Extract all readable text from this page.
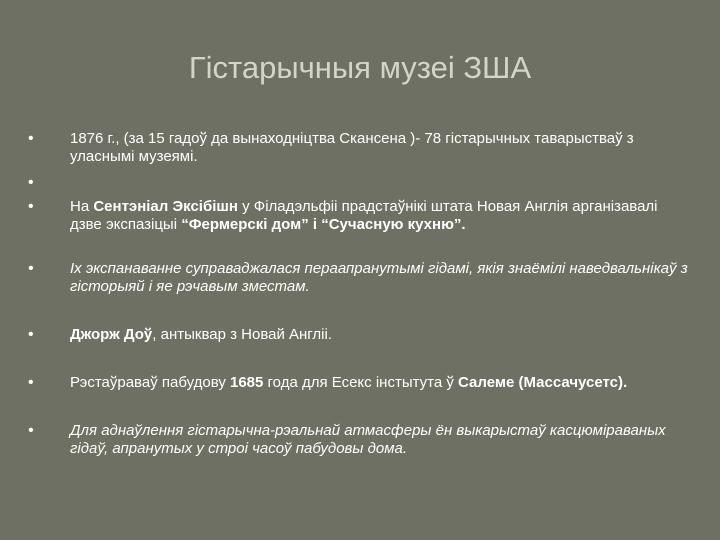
Гістарычныя музеі ЗША
• 1876 г., (за 15 гадоў да вынаходніцтва Скансена )- 78 гістарычных таварыстваў з уласнымі музеямі.
•
• На Сентэніал Эксібішн у Філадэльфіі прадстаўнікі штата Новая Англія арганізавалі дзве экспазіцыі “Фермерскі дом” і “Сучасную кухню”.
• Іх экспанаванне суправаджалася пераапранутымі гідамі, якія знаёмілі наведвальнікаў з гісторыяй і яе рэчавым зместам.
• Джорж Доў, антыквар з Новай Англіі.
• Рэстаўраваў пабудову 1685 года для Есекс інстытута ў Салеме (Массачусетс).
• Для аднаўлення гістарычна-рэальнай атмасферы ён выкарыстаў касцюміраваных гідаў, апранутых у строі часоў пабудовы дома.
